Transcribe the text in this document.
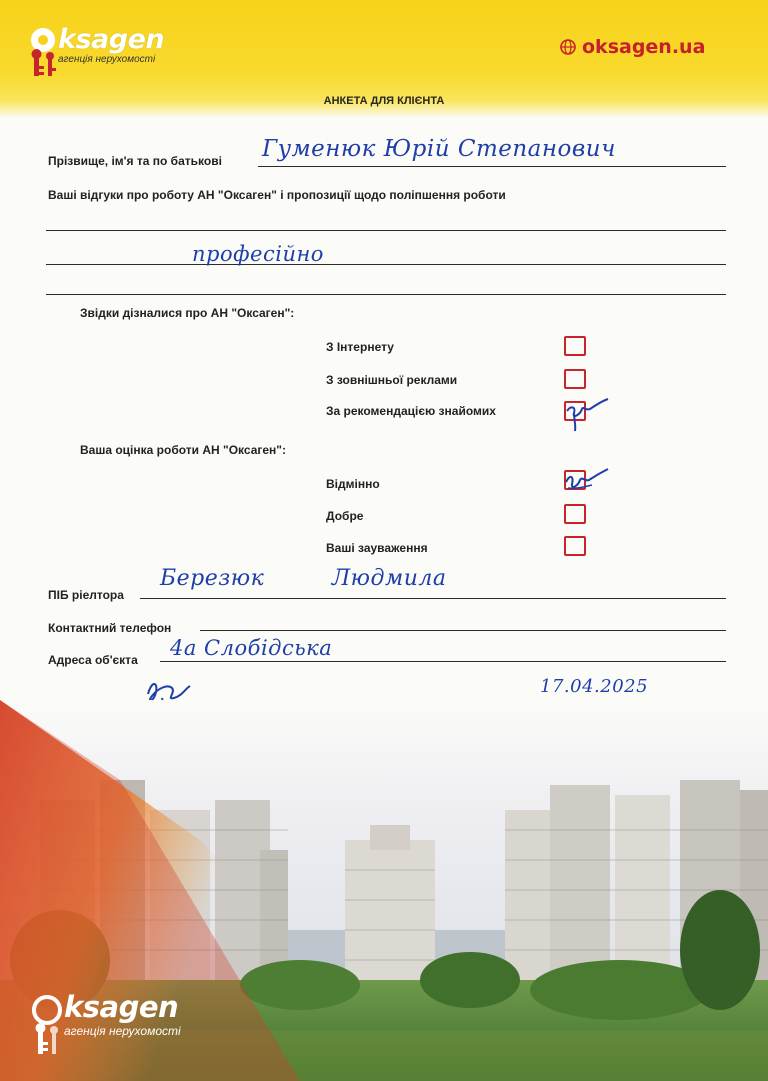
ksagen
агенція нерухомості
oksagen.ua
АНКЕТА ДЛЯ КЛІЄНТА
Прізвище, ім'я та по батькові Гуменюк Юрій Степанович
Ваші відгуки про роботу АН "Оксаген" і пропозиції щодо поліпшення роботи
професійно
Звідки дізналися про АН "Оксаген":
З Інтернету
З зовнішньої реклами
За рекомендацією знайомих
Ваша оцінка роботи АН "Оксаген":
Відмінно
Добре
Ваші зауваження
ПІБ ріелтора
Березюк Людмила
Контактний телефон
Адреса об'єкта 4а Слобідська
17.04.2025
ksagen
агенція нерухомості
